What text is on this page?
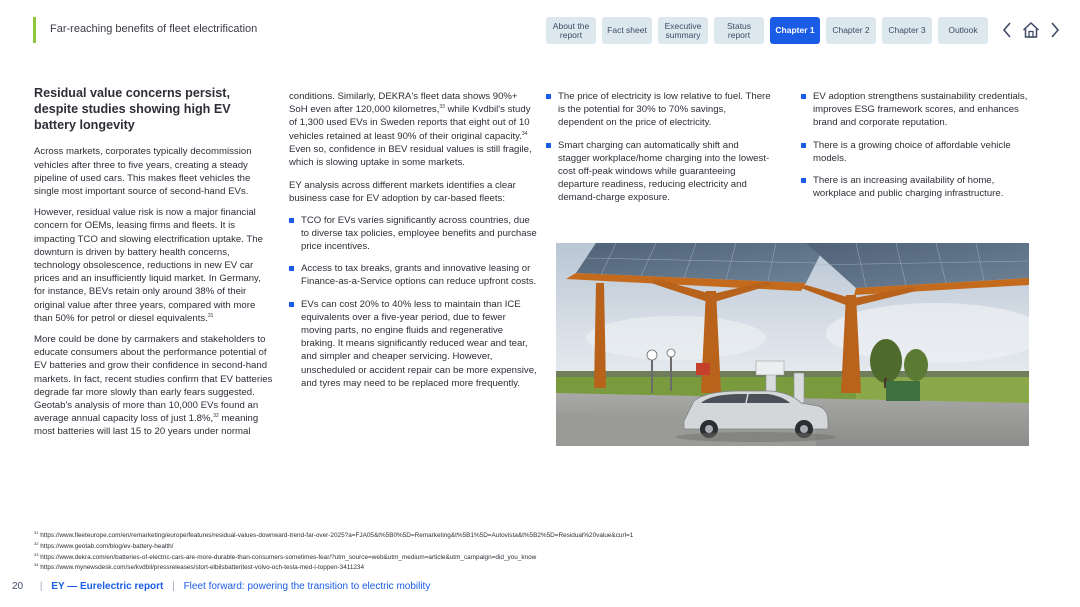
Far-reaching benefits of fleet electrification	About the report	Fact sheet	Executive summary
Status report	Chapter 1	Chapter 2	Chapter 3	Outlook
Residual value concerns persist, despite studies showing high EV battery longevity

Across markets, corporates typically decommission vehicles after three to five years, creating a steady pipeline of used cars. This makes fleet vehicles the single most important source of second-hand EVs.

However, residual value risk is now a major financial concern for OEMs, leasing firms and fleets. It is impacting TCO and slowing electrification uptake. The downturn is driven by battery health concerns, technology obsolescence, reductions in new EV car prices and an insufficiently liquid market. In Germany, for instance, BEVs retain only around 38% of their original value after three years, compared with more than 50% for petrol or diesel equivalents.$^{31}$

More could be done by carmakers and stakeholders to educate consumers about the performance potential of EV batteries and grow their confidence in second-hand markets. In fact, recent studies confirm that EV batteries degrade far more slowly than early fears suggested. Geotab's analysis of more than 10,000 EVs found an average annual capacity loss of just 1.8%,$^{32}$ meaning most batteries will last 15 to 20 years under normal

conditions. Similarly, DEKRA's fleet data shows 90%+ SoH even after 120,000 kilometres,$^{33}$ while Kvdbil's study of 1,300 used EVs in Sweden reports that eight out of 10 vehicles retained at least 90% of their original capacity.$^{34}$ Even so, confidence in BEV residual values is still fragile, which is slowing uptake in some markets.

EY analysis across different markets identifies a clear business case for EV adoption by car-based fleets:

TCO for EVs varies significantly across countries, due to diverse tax policies, employee benefits and purchase price incentives.
Access to tax breaks, grants and innovative leasing or Finance-as-a-Service options can reduce upfront costs.
EVs can cost 20% to 40% less to maintain than ICE equivalents over a five-year period, due to fewer moving parts, no engine fluids and regenerative braking. It means significantly reduced wear and tear, and simpler and cheaper servicing. However, unscheduled or accident repair can be more expensive, and tyres may need to be replaced more frequently.
The price of electricity is low relative to fuel. There is the potential for 30% to 70% savings, dependent on the price of electricity.
Smart charging can automatically shift and stagger workplace/home charging into the lowest-cost off-peak windows while guaranteeing departure readiness, reducing electricity and demand-charge exposure.
EV adoption strengthens sustainability credentials, improves ESG framework scores, and enhances brand and corporate reputation.
There is a growing choice of affordable vehicle models.
There is an increasing availability of home, workplace and public charging infrastructure.
$^{31}$ https://www.fleeteurope.com/en/remarketing/europe/features/residual-values-downward-trend-far-over-2025?a=FJA05&t%5B0%5D=Remarketing&t%5B1%5D=Autovista&t%5B2%5D=Residual%20value&curl=1
$^{32}$ https://www.geotab.com/blog/ev-battery-health/
$^{33}$ https://www.dekra.com/en/batteries-of-electric-cars-are-more-durable-than-consumers-sometimes-fear/?utm_source=web&utm_medium=article&utm_campaign=did_you_know
$^{34}$ https://www.mynewsdesk.com/se/kvdbil/pressreleases/stort-elbilsbatteritest-volvo-och-tesla-med-i-toppen-3411234
20 | EY — Eurelectric report | Fleet forward: powering the transition to electric mobility
